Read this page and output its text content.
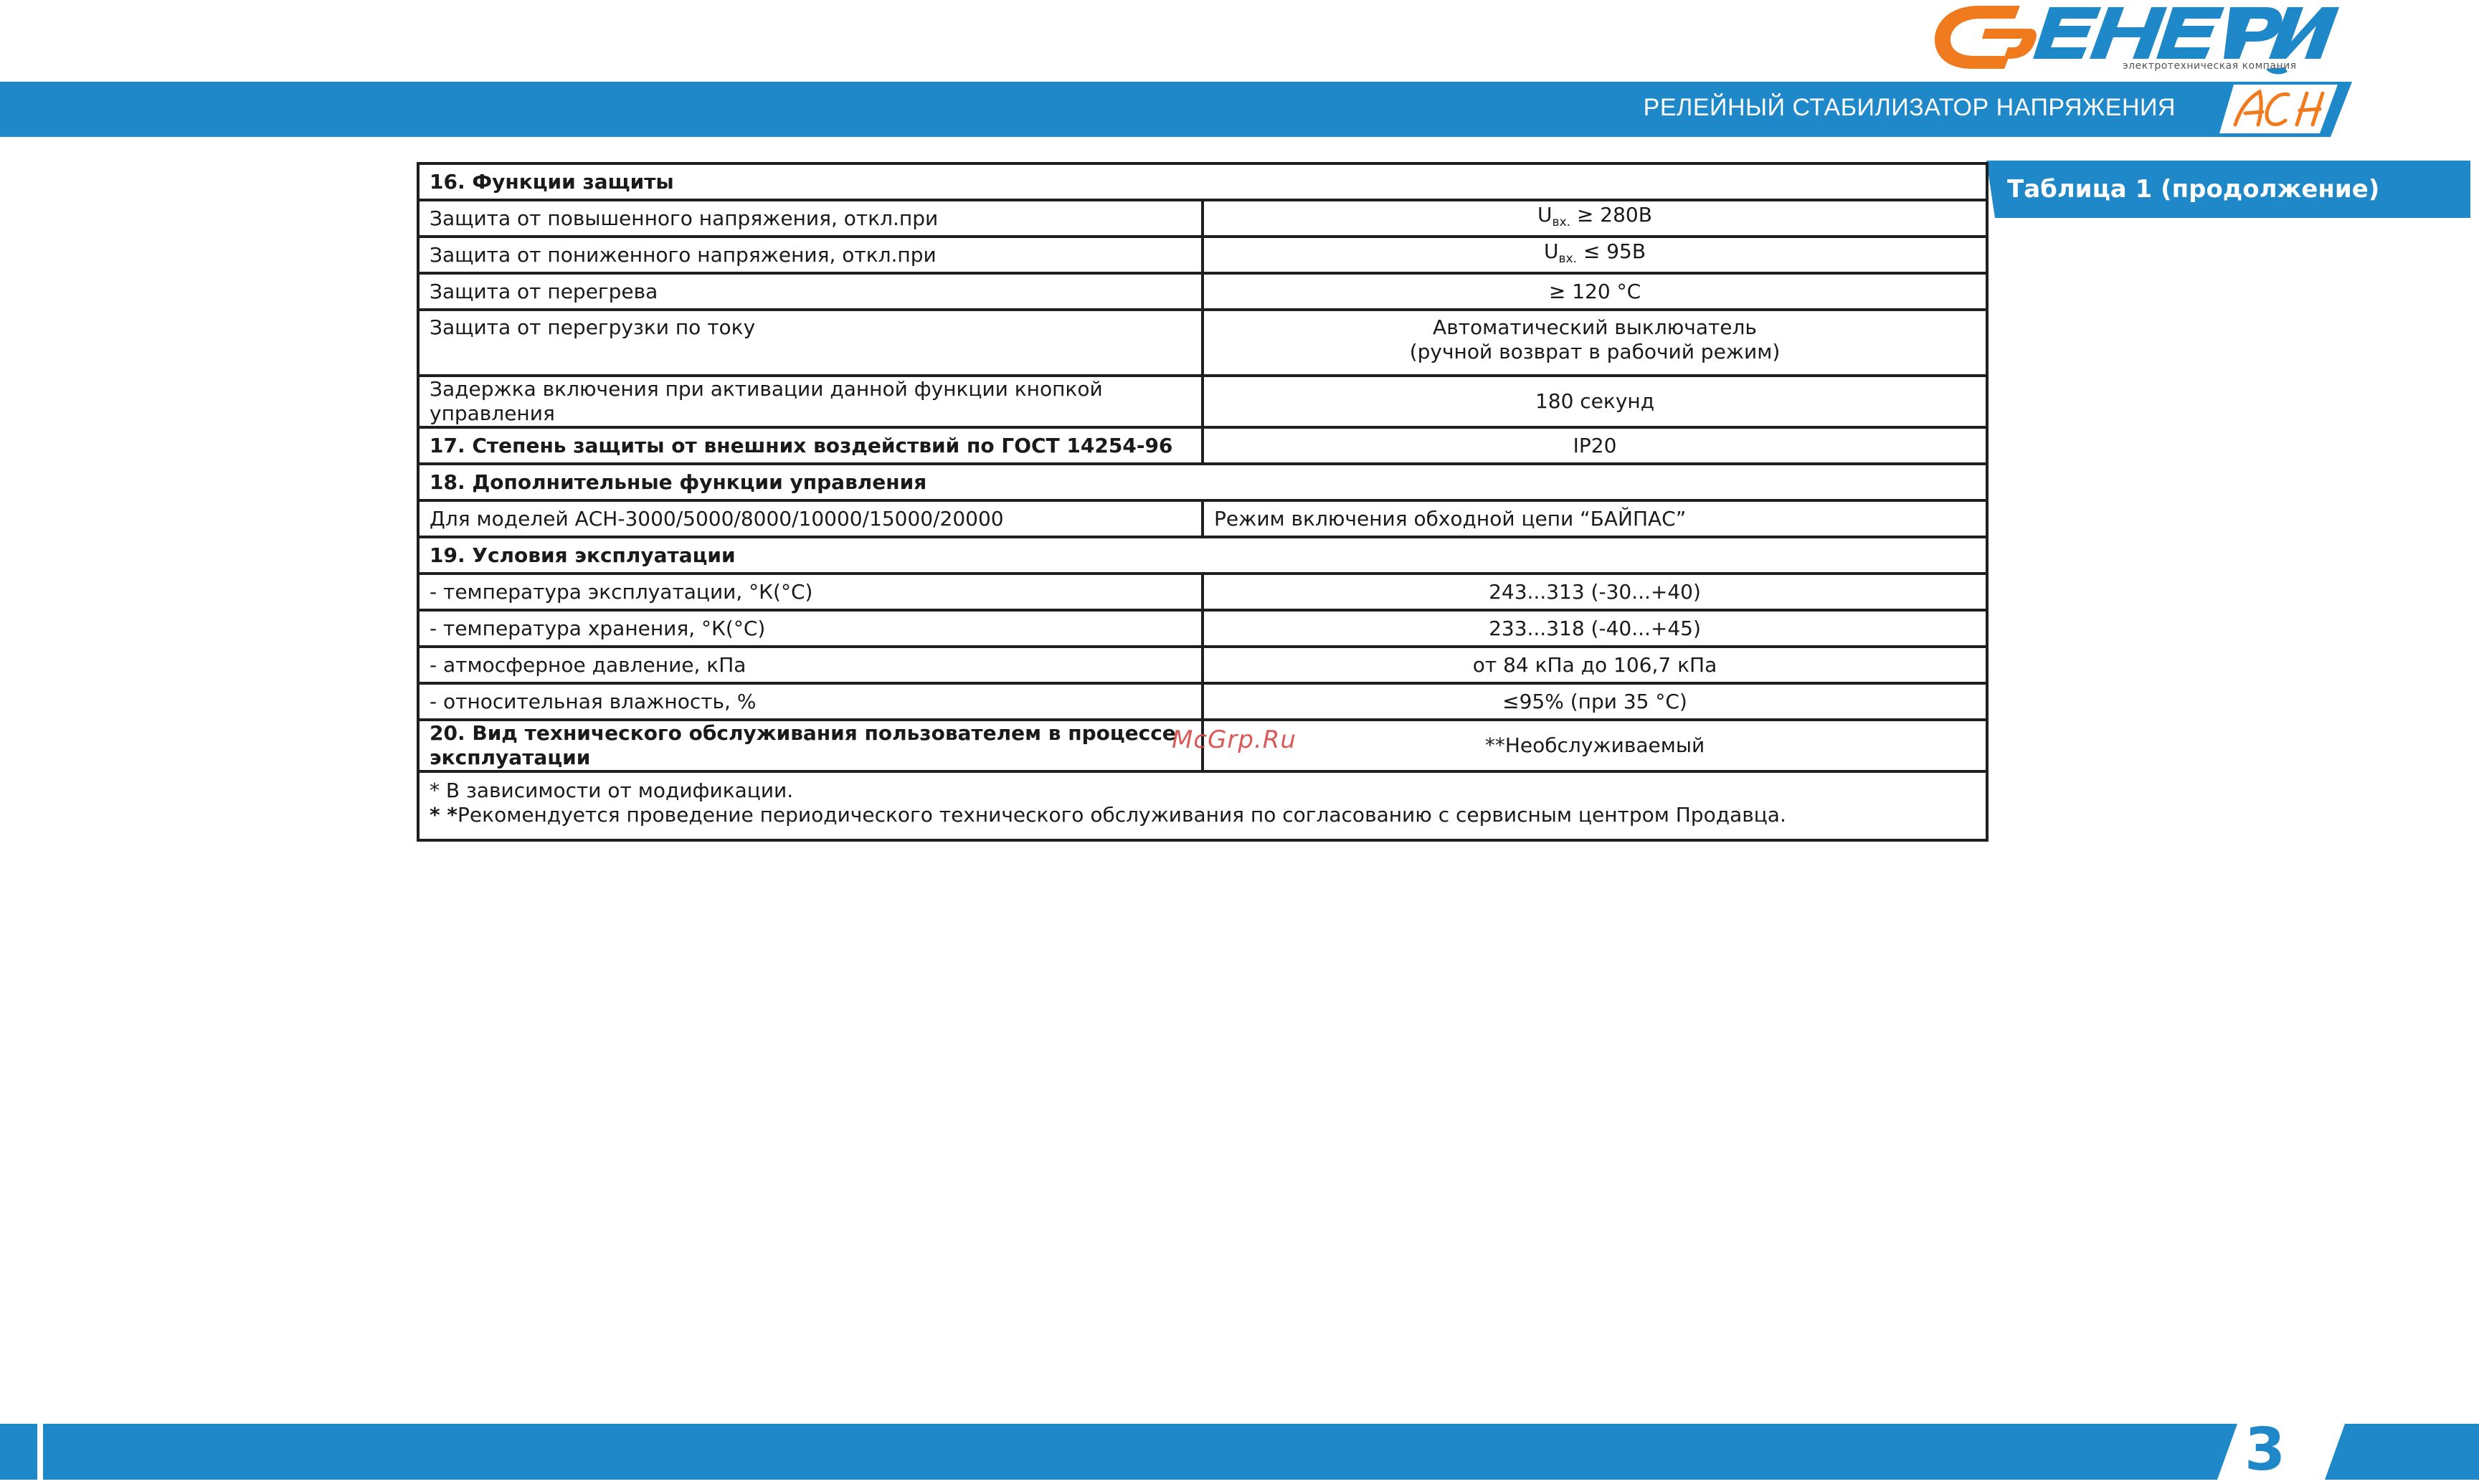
электротехническая компания
РЕЛЕЙНЫЙ СТАБИЛИЗАТОР НАПРЯЖЕНИЯ
Таблица 1 (продолжение)
16. Функции защиты	
Защита от повышенного напряжения, откл.при	$U_{вх.} \ge 280В$
Защита от пониженного напряжения, откл.при	$U_{вх.} \le 95В$
Защита от перегрева	≥ 120 °С
Защита от перегрузки по току	Автоматический выключатель
(ручной возврат в рабочий режим)

Задержка включения при активации данной функции кнопкой управления	180 секунд
17. Степень защиты от внешних воздействий по ГОСТ 14254-96	IP20
18. Дополнительные функции управления	
Для моделей АСН-3000/5000/8000/10000/15000/20000	Режим включения обходной цепи “БАЙПАС”
19. Условия эксплуатации	
- температура эксплуатации, °К(°С)	243...313 (-30...+40)
- температура хранения, °К(°С)	233...318 (-40...+45)
- атмосферное давление, кПа	от 84 кПа до 106,7 кПа
- относительная влажность, %	≤95% (при 35 °С)
20. Вид технического обслуживания пользователем в процессе эксплуатации	**Необслуживаемый

* В зависимости от модификации.
* *Рекомендуется проведение периодического технического обслуживания по согласованию с сервисным центром Продавца.	
McGrp.Ru
3
